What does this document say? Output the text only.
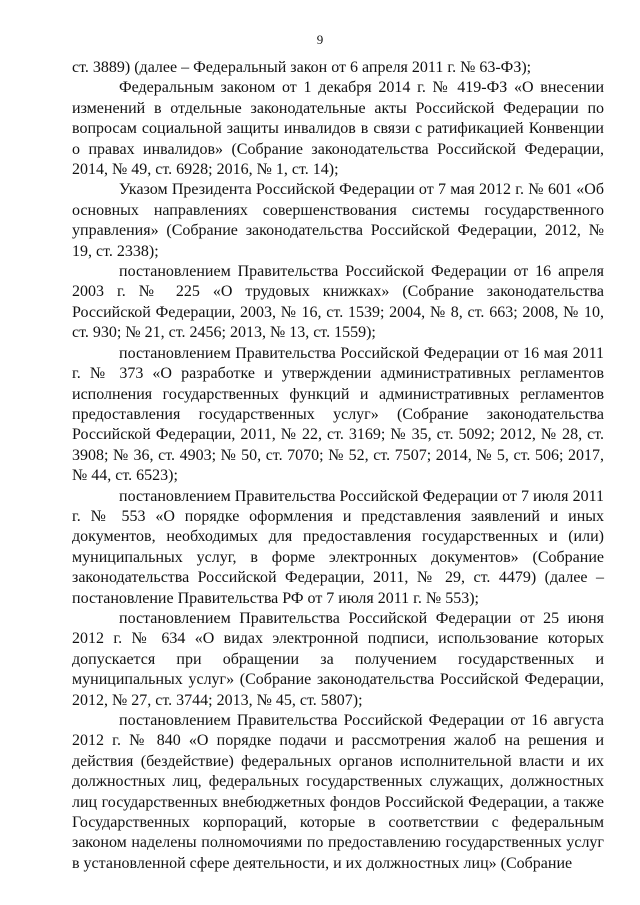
9

ст. 3889) (далее – Федеральный закон от 6 апреля 2011 г. № 63-ФЗ);

Федеральным законом от 1 декабря 2014 г. № 419-ФЗ «О внесении изменений в отдельные законодательные акты Российской Федерации по вопросам социальной защиты инвалидов в связи с ратификацией Конвенции о правах инвалидов» (Собрание законодательства Российской Федерации, 2014, № 49, ст. 6928; 2016, № 1, ст. 14);

Указом Президента Российской Федерации от 7 мая 2012 г. № 601 «Об основных направлениях совершенствования системы государственного управления» (Собрание законодательства Российской Федерации, 2012, № 19, ст. 2338);

постановлением Правительства Российской Федерации от 16 апреля 2003 г. № 225 «О трудовых книжках» (Собрание законодательства Российской Федерации, 2003, № 16, ст. 1539; 2004, № 8, ст. 663; 2008, № 10, ст. 930; № 21, ст. 2456; 2013, № 13, ст. 1559);

постановлением Правительства Российской Федерации от 16 мая 2011 г. № 373 «О разработке и утверждении административных регламентов исполнения государственных функций и административных регламентов предоставления государственных услуг» (Собрание законодательства Российской Федерации, 2011, № 22, ст. 3169; № 35, ст. 5092; 2012, № 28, ст. 3908; № 36, ст. 4903; № 50, ст. 7070; № 52, ст. 7507; 2014, № 5, ст. 506; 2017, № 44, ст. 6523);

постановлением Правительства Российской Федерации от 7 июля 2011 г. № 553 «О порядке оформления и представления заявлений и иных документов, необходимых для предоставления государственных и (или) муниципальных услуг, в форме электронных документов» (Собрание законодательства Российской Федерации, 2011, № 29, ст. 4479) (далее – постановление Правительства РФ от 7 июля 2011 г. № 553);

постановлением Правительства Российской Федерации от 25 июня 2012 г. № 634 «О видах электронной подписи, использование которых допускается при обращении за получением государственных и муниципальных услуг» (Собрание законодательства Российской Федерации, 2012, № 27, ст. 3744; 2013, № 45, ст. 5807);

постановлением Правительства Российской Федерации от 16 августа 2012 г. № 840 «О порядке подачи и рассмотрения жалоб на решения и действия (бездействие) федеральных органов исполнительной власти и их должностных лиц, федеральных государственных служащих, должностных лиц государственных внебюджетных фондов Российской Федерации, а также Государственных корпораций, которые в соответствии с федеральным законом наделены полномочиями по предоставлению государственных услуг в установленной сфере деятельности, и их должностных лиц» (Собрание
